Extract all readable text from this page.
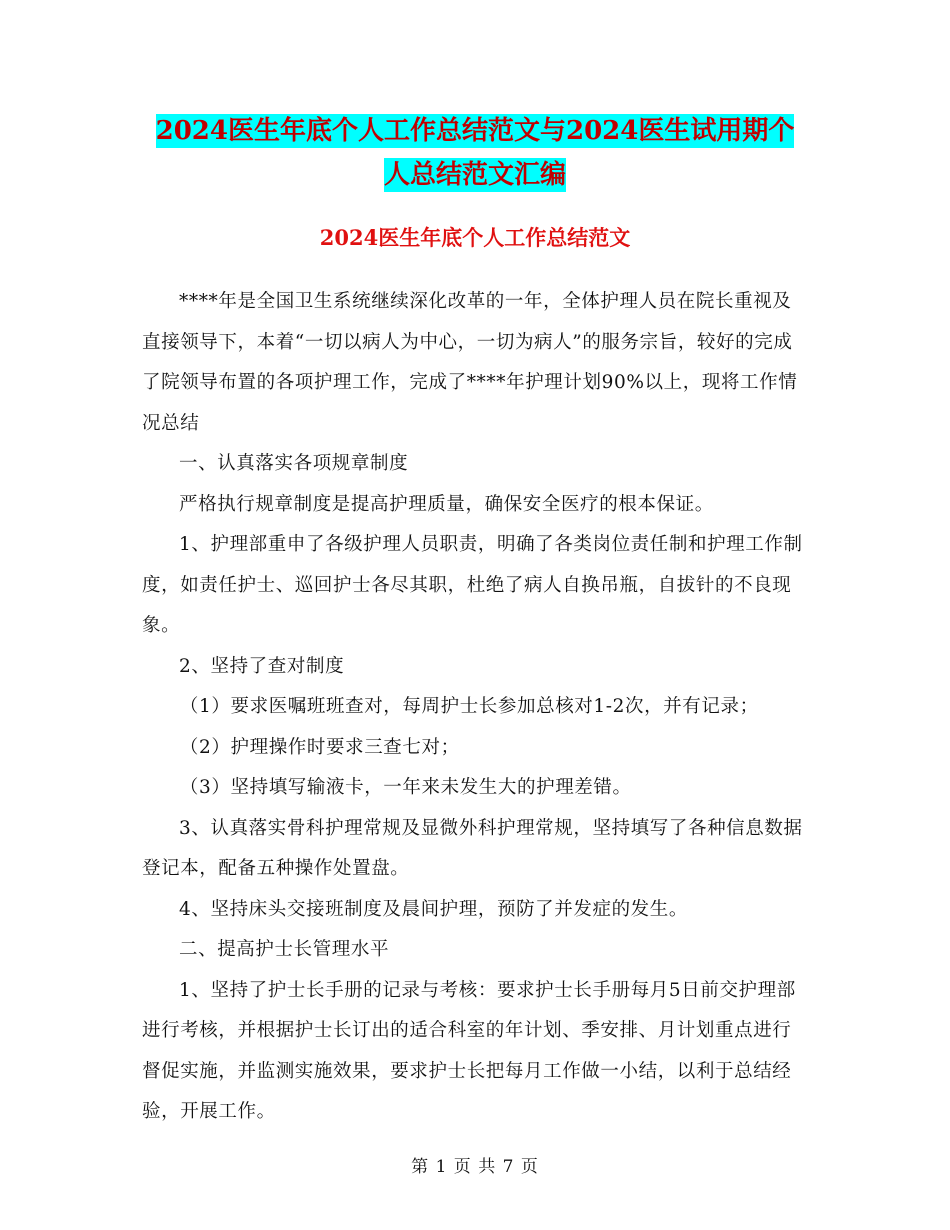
2024医生年底个人工作总结范文与2024医生试用期个
人总结范文汇编
2024医生年底个人工作总结范文

****年是全国卫生系统继续深化改革的一年，全体护理人员在院长重视及直接领导下，本着“一切以病人为中心，一切为病人”的服务宗旨，较好的完成了院领导布置的各项护理工作，完成了****年护理计划90%以上，现将工作情况总结

一、认真落实各项规章制度

严格执行规章制度是提高护理质量，确保安全医疗的根本保证。

1、护理部重申了各级护理人员职责，明确了各类岗位责任制和护理工作制度，如责任护士、巡回护士各尽其职，杜绝了病人自换吊瓶，自拔针的不良现象。

2、坚持了查对制度

（1）要求医嘱班班查对，每周护士长参加总核对1-2次，并有记录；

（2）护理操作时要求三查七对；

（3）坚持填写输液卡，一年来未发生大的护理差错。

3、认真落实骨科护理常规及显微外科护理常规，坚持填写了各种信息数据登记本，配备五种操作处置盘。

4、坚持床头交接班制度及晨间护理，预防了并发症的发生。

二、提高护士长管理水平

1、坚持了护士长手册的记录与考核：要求护士长手册每月5日前交护理部进行考核，并根据护士长订出的适合科室的年计划、季安排、月计划重点进行督促实施，并监测实施效果，要求护士长把每月工作做一小结，以利于总结经验，开展工作。

第 1 页 共 7 页
